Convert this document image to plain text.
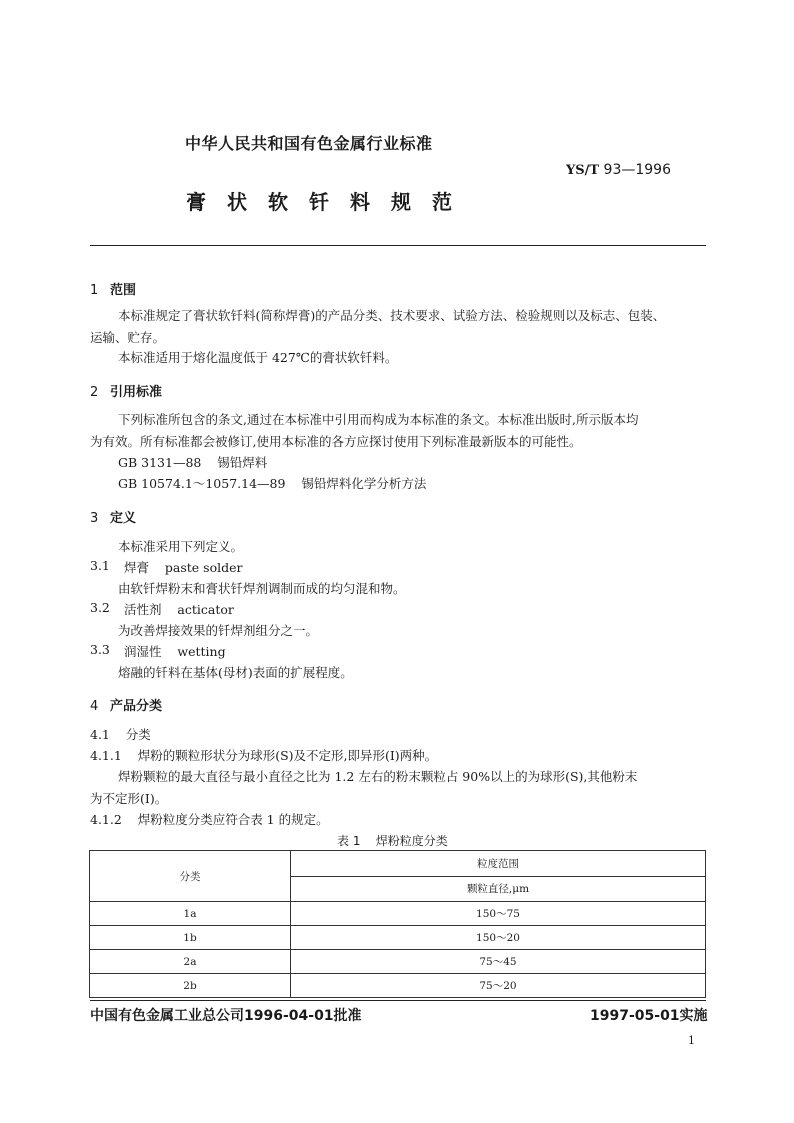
中华人民共和国有色金属行业标准
YS/T 93—1996
膏状软钎料规范
1 范围
本标准规定了膏状软钎料(简称焊膏)的产品分类、技术要求、试验方法、检验规则以及标志、包装、
运输、贮存。
本标准适用于熔化温度低于 427℃的膏状软钎料。
2 引用标准
下列标准所包含的条文,通过在本标准中引用而构成为本标准的条文。本标准出版时,所示版本均
为有效。所有标准都会被修订,使用本标准的各方应探讨使用下列标准最新版本的可能性。
GB 3131—88    锡铅焊料
GB 10574.1～1057.14—89    锡铅焊料化学分析方法
3 定义
本标准采用下列定义。
3.1 焊膏    paste solder
由软钎焊粉末和膏状钎焊剂调制而成的均匀混和物。
3.2 活性剂    acticator
为改善焊接效果的钎焊剂组分之一。
3.3 润湿性    wetting
熔融的钎料在基体(母材)表面的扩展程度。
4 产品分类
4.1    分类
4.1.1    焊粉的颗粒形状分为球形(S)及不定形,即异形(Ⅰ)两种。
焊粉颗粒的最大直径与最小直径之比为 1.2 左右的粉末颗粒占 90%以上的为球形(S),其他粉末
为不定形(Ⅰ)。
4.1.2    焊粉粒度分类应符合表 1 的规定。
表 1    焊粉粒度分类
分类	粒度范围
	颗粒直径,μm
1a	150～75
1b	150～20
2a	75～45
2b	75～20
中国有色金属工业总公司1996-04-01批准	1997-05-01实施
1
